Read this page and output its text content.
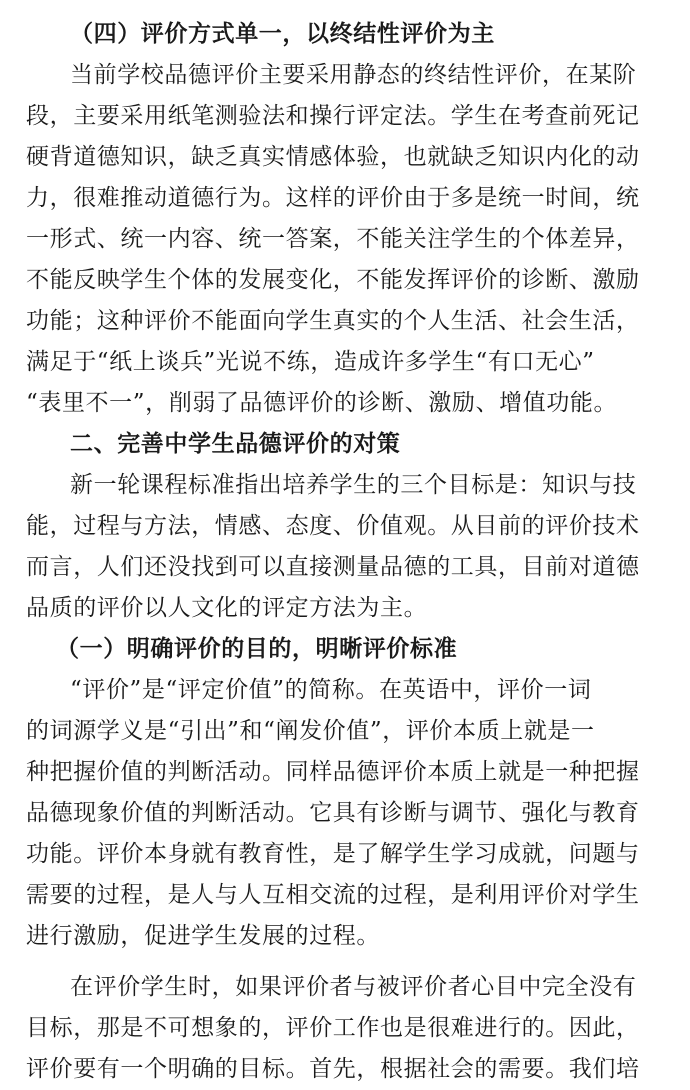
（四）评价方式单一，以终结性评价为主
当前学校品德评价主要采用静态的终结性评价，在某阶
段，主要采用纸笔测验法和操行评定法。学生在考查前死记
硬背道德知识，缺乏真实情感体验，也就缺乏知识内化的动
力，很难推动道德行为。这样的评价由于多是统一时间，统
一形式、统一内容、统一答案，不能关注学生的个体差异，
不能反映学生个体的发展变化，不能发挥评价的诊断、激励
功能；这种评价不能面向学生真实的个人生活、社会生活，
满足于“纸上谈兵”光说不练，造成许多学生“有口无心”
“表里不一”，削弱了品德评价的诊断、激励、增值功能。
二、完善中学生品德评价的对策
新一轮课程标准指出培养学生的三个目标是：知识与技
能，过程与方法，情感、态度、价值观。从目前的评价技术
而言，人们还没找到可以直接测量品德的工具，目前对道德
品质的评价以人文化的评定方法为主。
（一）明确评价的目的，明晰评价标准
“评价”是“评定价值”的简称。在英语中，评价一词
的词源学义是“引出”和“阐发价值”，评价本质上就是一
种把握价值的判断活动。同样品德评价本质上就是一种把握
品德现象价值的判断活动。它具有诊断与调节、强化与教育
功能。评价本身就有教育性，是了解学生学习成就，问题与
需要的过程，是人与人互相交流的过程，是利用评价对学生
进行激励，促进学生发展的过程。
在评价学生时，如果评价者与被评价者心目中完全没有
目标，那是不可想象的，评价工作也是很难进行的。因此，
评价要有一个明确的目标。首先，根据社会的需要。我们培
